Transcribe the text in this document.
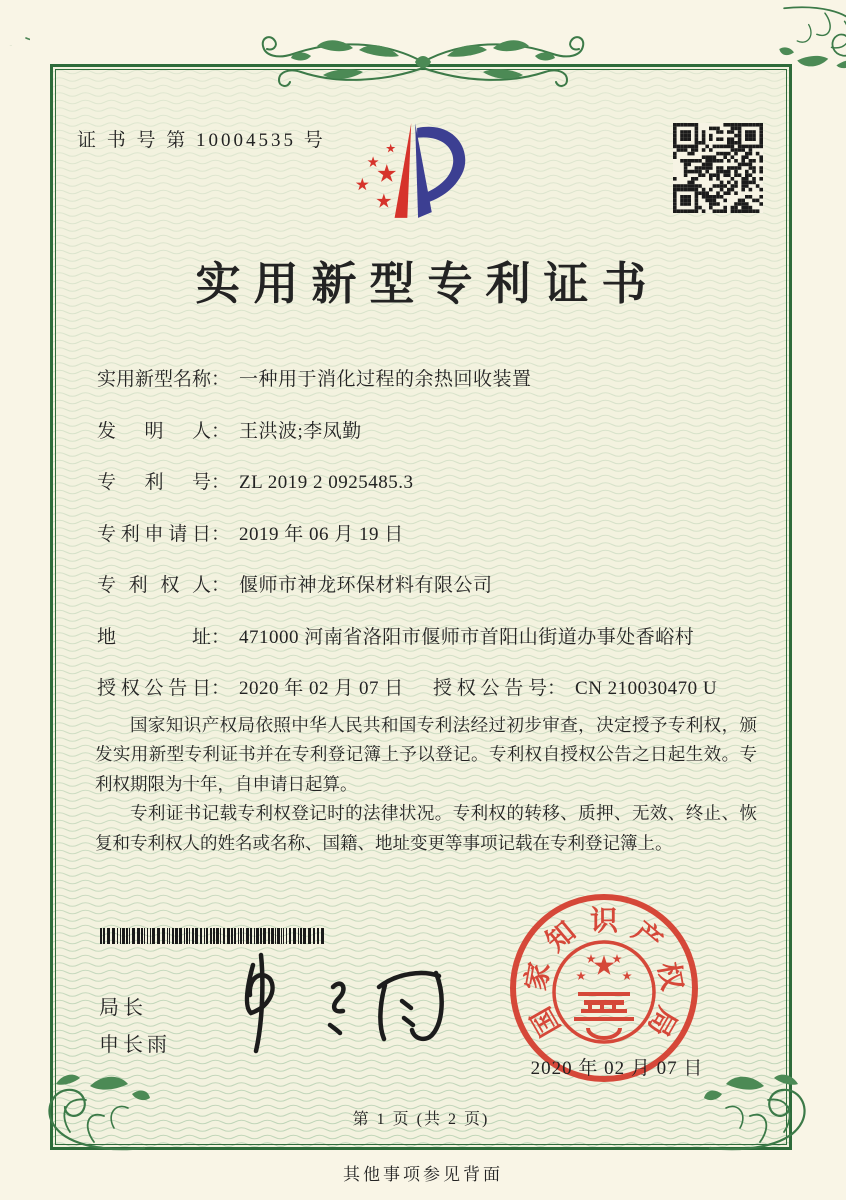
证 书 号 第 10004535 号
实用新型专利证书
实用新型名称： 一种用于消化过程的余热回收装置
发明人： 王洪波;李凤勤
专利号： ZL 2019 2 0925485.3
专利申请日： 2019 年 06 月 19 日
专利权人： 偃师市神龙环保材料有限公司
地址： 471000 河南省洛阳市偃师市首阳山街道办事处香峪村
授权公告日： 2020 年 02 月 07 日	授权公告号： CN 210030470 U

国家知识产权局依照中华人民共和国专利法经过初步审查，决定授予专利权，颁发实用新型专利证书并在专利登记簿上予以登记。专利权自授权公告之日起生效。专利权期限为十年，自申请日起算。

专利证书记载专利权登记时的法律状况。专利权的转移、质押、无效、终止、恢复和专利权人的姓名或名称、国籍、地址变更等事项记载在专利登记簿上。

局长
申长雨
国
家
知 识 产
权
局
2020 年 02 月 07 日
第 1 页 (共 2 页)
其他事项参见背面
